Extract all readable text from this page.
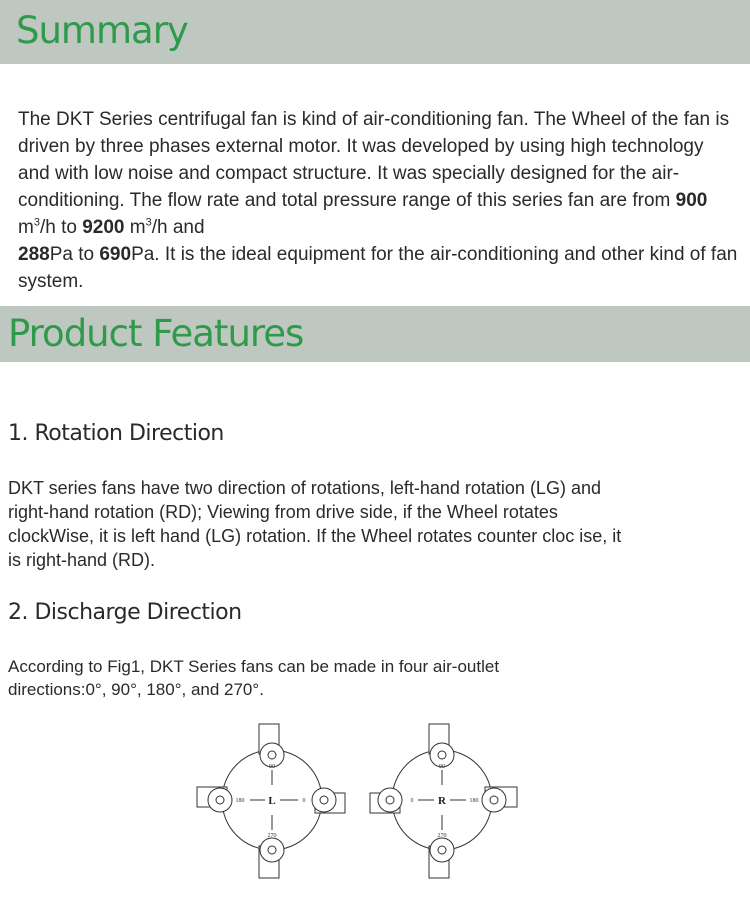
Summary

The DKT Series centrifugal fan is kind of air-conditioning fan. The Wheel of the fan is driven by three phases external motor. It was developed by using high technology and with low noise and compact structure. It was specially designed for the air-conditioning. The flow rate and total pressure range of this series fan are from 900 $m^3/h$ to 9200 $m^3/h$ and
288Pa to 690Pa. It is the ideal equipment for the air-conditioning and other kind of fan system.

Product Features
1. Rotation Direction

DKT series fans have two direction of rotations, left-hand rotation (LG) and right-hand rotation (RD); Viewing from drive side, if the Wheel rotates clockWise, it is left hand (LG) rotation. If the Wheel rotates counter cloc ise, it is right-hand (RD).

2. Discharge Direction

According to Fig1, DKT Series fans can be made in four air-outlet directions:0°, 90°, 180°, and 270°.

90
180	0
270
L
90
0	180
270
R
